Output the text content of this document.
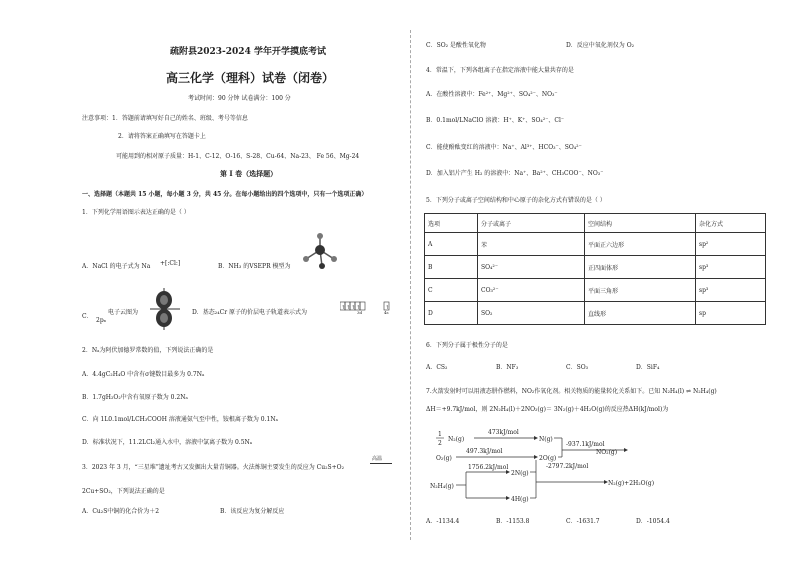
疏附县2023-2024 学年开学摸底考试
高三化学（理科）试卷（闭卷）
考试时间：90 分钟 试卷满分：100 分
注意事项：1．答题前请填写好自己的姓名、班级、考号等信息
2．请将答案正确填写在答题卡上
可能用到的相对原子质量：H-1、C-12、O-16、S-28、Cu-64、Na-23、 Fe 56、Mg-24
第 I 卷（选择题）
一、选择题（本题共 15 小题，每小题 3 分，共 45 分。在每小题给出的四个选项中，只有一个选项正确）
1．下列化学用语图示表达正确的是（ ）
A．NaCl 的电子式为 Na + [:Cl:]	B．NH₃ 的VSEPR 模型为
C．
2pₓ
电子云图为	D．基态₂₄Cr 原子的价层电子轨道表示式为
↑ ↑ ↑ ↑	↑
3d	4s
2．Nₐ为阿伏加德罗常数的值，下列说法正确的是
A．4.4gC₂H₄O 中含有σ键数目最多为 0.7Nₐ
B．1.7gH₂O₂中含有氧原子数为 0.2Nₐ
C．向 1L0.1mol/LCH₃COOH 溶液通氨气至中性，铵根离子数为 0.1Nₐ
D．标准状况下，11.2LCl₂通入水中，溶液中氯离子数为 0.5Nₐ
高温
3．2023 年 3 月，“三星堆”遗址考古又发掘出大量青铜器。火法炼铜主要发生的反应为 Cu₂S+O₂
2Cu+SO₂，下列说法正确的是
A．Cu₂S中铜的化合价为＋2	B．该反应为复分解反应
C．SO₂ 是酸性氧化物	D．反应中氧化剂仅为 O₂
4．常温下，下列各组离子在指定溶液中能大量共存的是
A．在酸性溶液中：Fe²⁺、Mg²⁺、SO₄²⁻、NO₃⁻
B．0.1mol/LNaClO 溶液：H⁺、K⁺、SO₄²⁻、Cl⁻
C．能使酚酞变红的溶液中：Na⁺、Al³⁺、HCO₃⁻、SO₄²⁻
D．加入铝片产生 H₂ 的溶液中：Na⁺、Ba²⁺、CH₃COO⁻、NO₃⁻
5．下列分子或离子空间结构和中心原子的杂化方式有错误的是（ ）
选项	分子或离子	空间结构	杂化方式
A	苯	平面正六边形	sp²
B	SO₄²⁻	正四面体形	sp³
C	CO₃²⁻	平面三角形	sp³
D	SO₂	直线形	sp
6．下列分子属于极性分子的是
A．CS₂	B．NF₃	C．SO₃	D．SiF₄
7.火箭发射时可以用液态肼作燃料，NO₂作氧化剂。相关物质的能量转化关系如下。已知 N₂H₄(l) ⇌ N₂H₄(g)
ΔH＝+9.7kJ/mol，则 2N₂H₄(l)＋2NO₂(g)＝ 3N₂(g)＋4H₂O(g)的反应热ΔH(kJ/mol)为
1
2
N₂(g)
473kJ/mol
N(g)
-937.1kJ/mol
NO₂(g)
O₂(g)
497.3kJ/mol
2O(g)
N₂H₄(g)
1756.2kJ/mol
2N(g)
4H(g)
-2797.2kJ/mol
N₂(g)+2H₂O(g)
A．-1134.4	B．-1153.8	C．-1631.7	D．-1054.4
